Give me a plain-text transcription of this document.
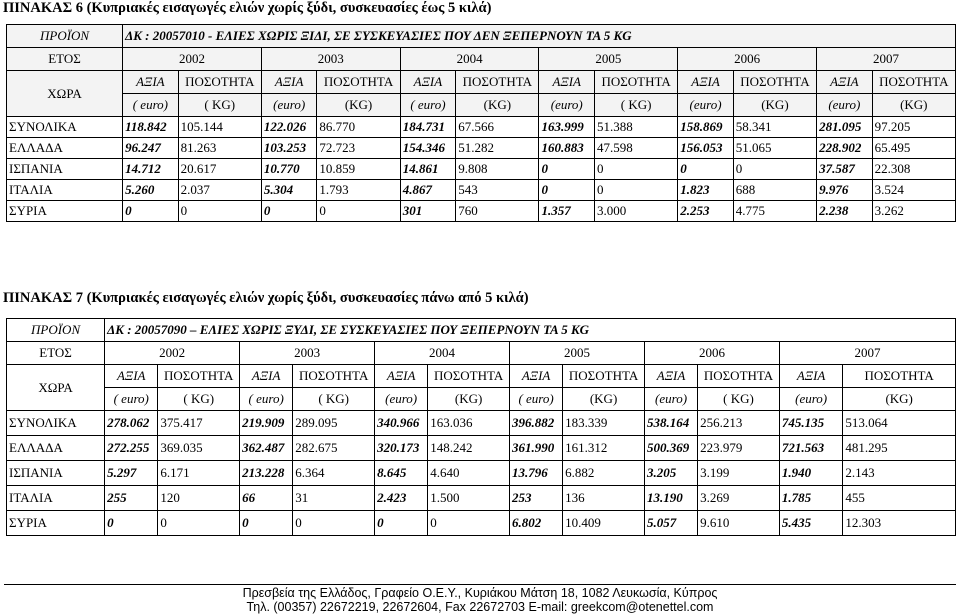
ΠΙΝΑΚΑΣ 6 (Κυπριακές εισαγωγές ελιών χωρίς ξύδι, συσκευασίες έως 5 κιλά)
ΠΡΟΪΟΝ	ΔΚ : 20057010 - ΕΛΙΕΣ ΧΩΡΙΣ ΞΙΔΙ, ΣΕ ΣΥΣΚΕΥΑΣΙΕΣ ΠΟΥ ΔΕΝ ΞΕΠΕΡΝΟΥΝ ΤΑ 5 KG											
ΕΤΟΣ	2002		2003		2004		2005		2006		2007	
ΧΩΡΑ	ΑΞΙΑ	ΠΟΣΟΤΗΤΑ	ΑΞΙΑ	ΠΟΣΟΤΗΤΑ	ΑΞΙΑ	ΠΟΣΟΤΗΤΑ	ΑΞΙΑ	ΠΟΣΟΤΗΤΑ	ΑΞΙΑ	ΠΟΣΟΤΗΤΑ	ΑΞΙΑ	ΠΟΣΟΤΗΤΑ
	( euro)	( KG)	(euro)	(KG)	( euro)	(KG)	(euro)	( KG)	(euro)	(KG)	(euro)	(KG)
ΣΥΝΟΛΙΚΑ	118.842	105.144	122.026	86.770	184.731	67.566	163.999	51.388	158.869	58.341	281.095	97.205
ΕΛΛΑΔΑ	96.247	81.263	103.253	72.723	154.346	51.282	160.883	47.598	156.053	51.065	228.902	65.495
ΙΣΠΑΝΙΑ	14.712	20.617	10.770	10.859	14.861	9.808	0	0	0	0	37.587	22.308
ΙΤΑΛΙΑ	5.260	2.037	5.304	1.793	4.867	543	0	0	1.823	688	9.976	3.524
ΣΥΡΙΑ	0	0	0	0	301	760	1.357	3.000	2.253	4.775	2.238	3.262
ΠΙΝΑΚΑΣ 7 (Κυπριακές εισαγωγές ελιών χωρίς ξύδι, συσκευασίες πάνω από 5 κιλά)
ΠΡΟΪΟΝ	ΔΚ : 20057090 – ΕΛΙΕΣ ΧΩΡΙΣ ΞΥΔΙ, ΣΕ ΣΥΣΚΕΥΑΣΙΕΣ ΠΟΥ ΞΕΠΕΡΝΟΥΝ ΤΑ 5 KG											
ΕΤΟΣ	2002		2003		2004		2005		2006		2007	
ΧΩΡΑ	ΑΞΙΑ	ΠΟΣΟΤΗΤΑ	ΑΞΙΑ	ΠΟΣΟΤΗΤΑ	ΑΞΙΑ	ΠΟΣΟΤΗΤΑ	ΑΞΙΑ	ΠΟΣΟΤΗΤΑ	ΑΞΙΑ	ΠΟΣΟΤΗΤΑ	ΑΞΙΑ	ΠΟΣΟΤΗΤΑ
	( euro)	( KG)	( euro)	( KG)	(euro)	(KG)	( euro)	(KG)	(euro)	( KG)	(euro)	(KG)
ΣΥΝΟΛΙΚΑ	278.062	375.417	219.909	289.095	340.966	163.036	396.882	183.339	538.164	256.213	745.135	513.064
ΕΛΛΑΔΑ	272.255	369.035	362.487	282.675	320.173	148.242	361.990	161.312	500.369	223.979	721.563	481.295
ΙΣΠΑΝΙΑ	5.297	6.171	213.228	6.364	8.645	4.640	13.796	6.882	3.205	3.199	1.940	2.143
ΙΤΑΛΙΑ	255	120	66	31	2.423	1.500	253	136	13.190	3.269	1.785	455
ΣΥΡΙΑ	0	0	0	0	0	0	6.802	10.409	5.057	9.610	5.435	12.303
Πρεσβεία της Ελλάδος, Γραφείο Ο.Ε.Υ., Κυριάκου Μάτση 18, 1082 Λευκωσία, Κύπρος
Τηλ. (00357) 22672219, 22672604, Fax 22672703 E-mail: greekcom@otenettel.com
